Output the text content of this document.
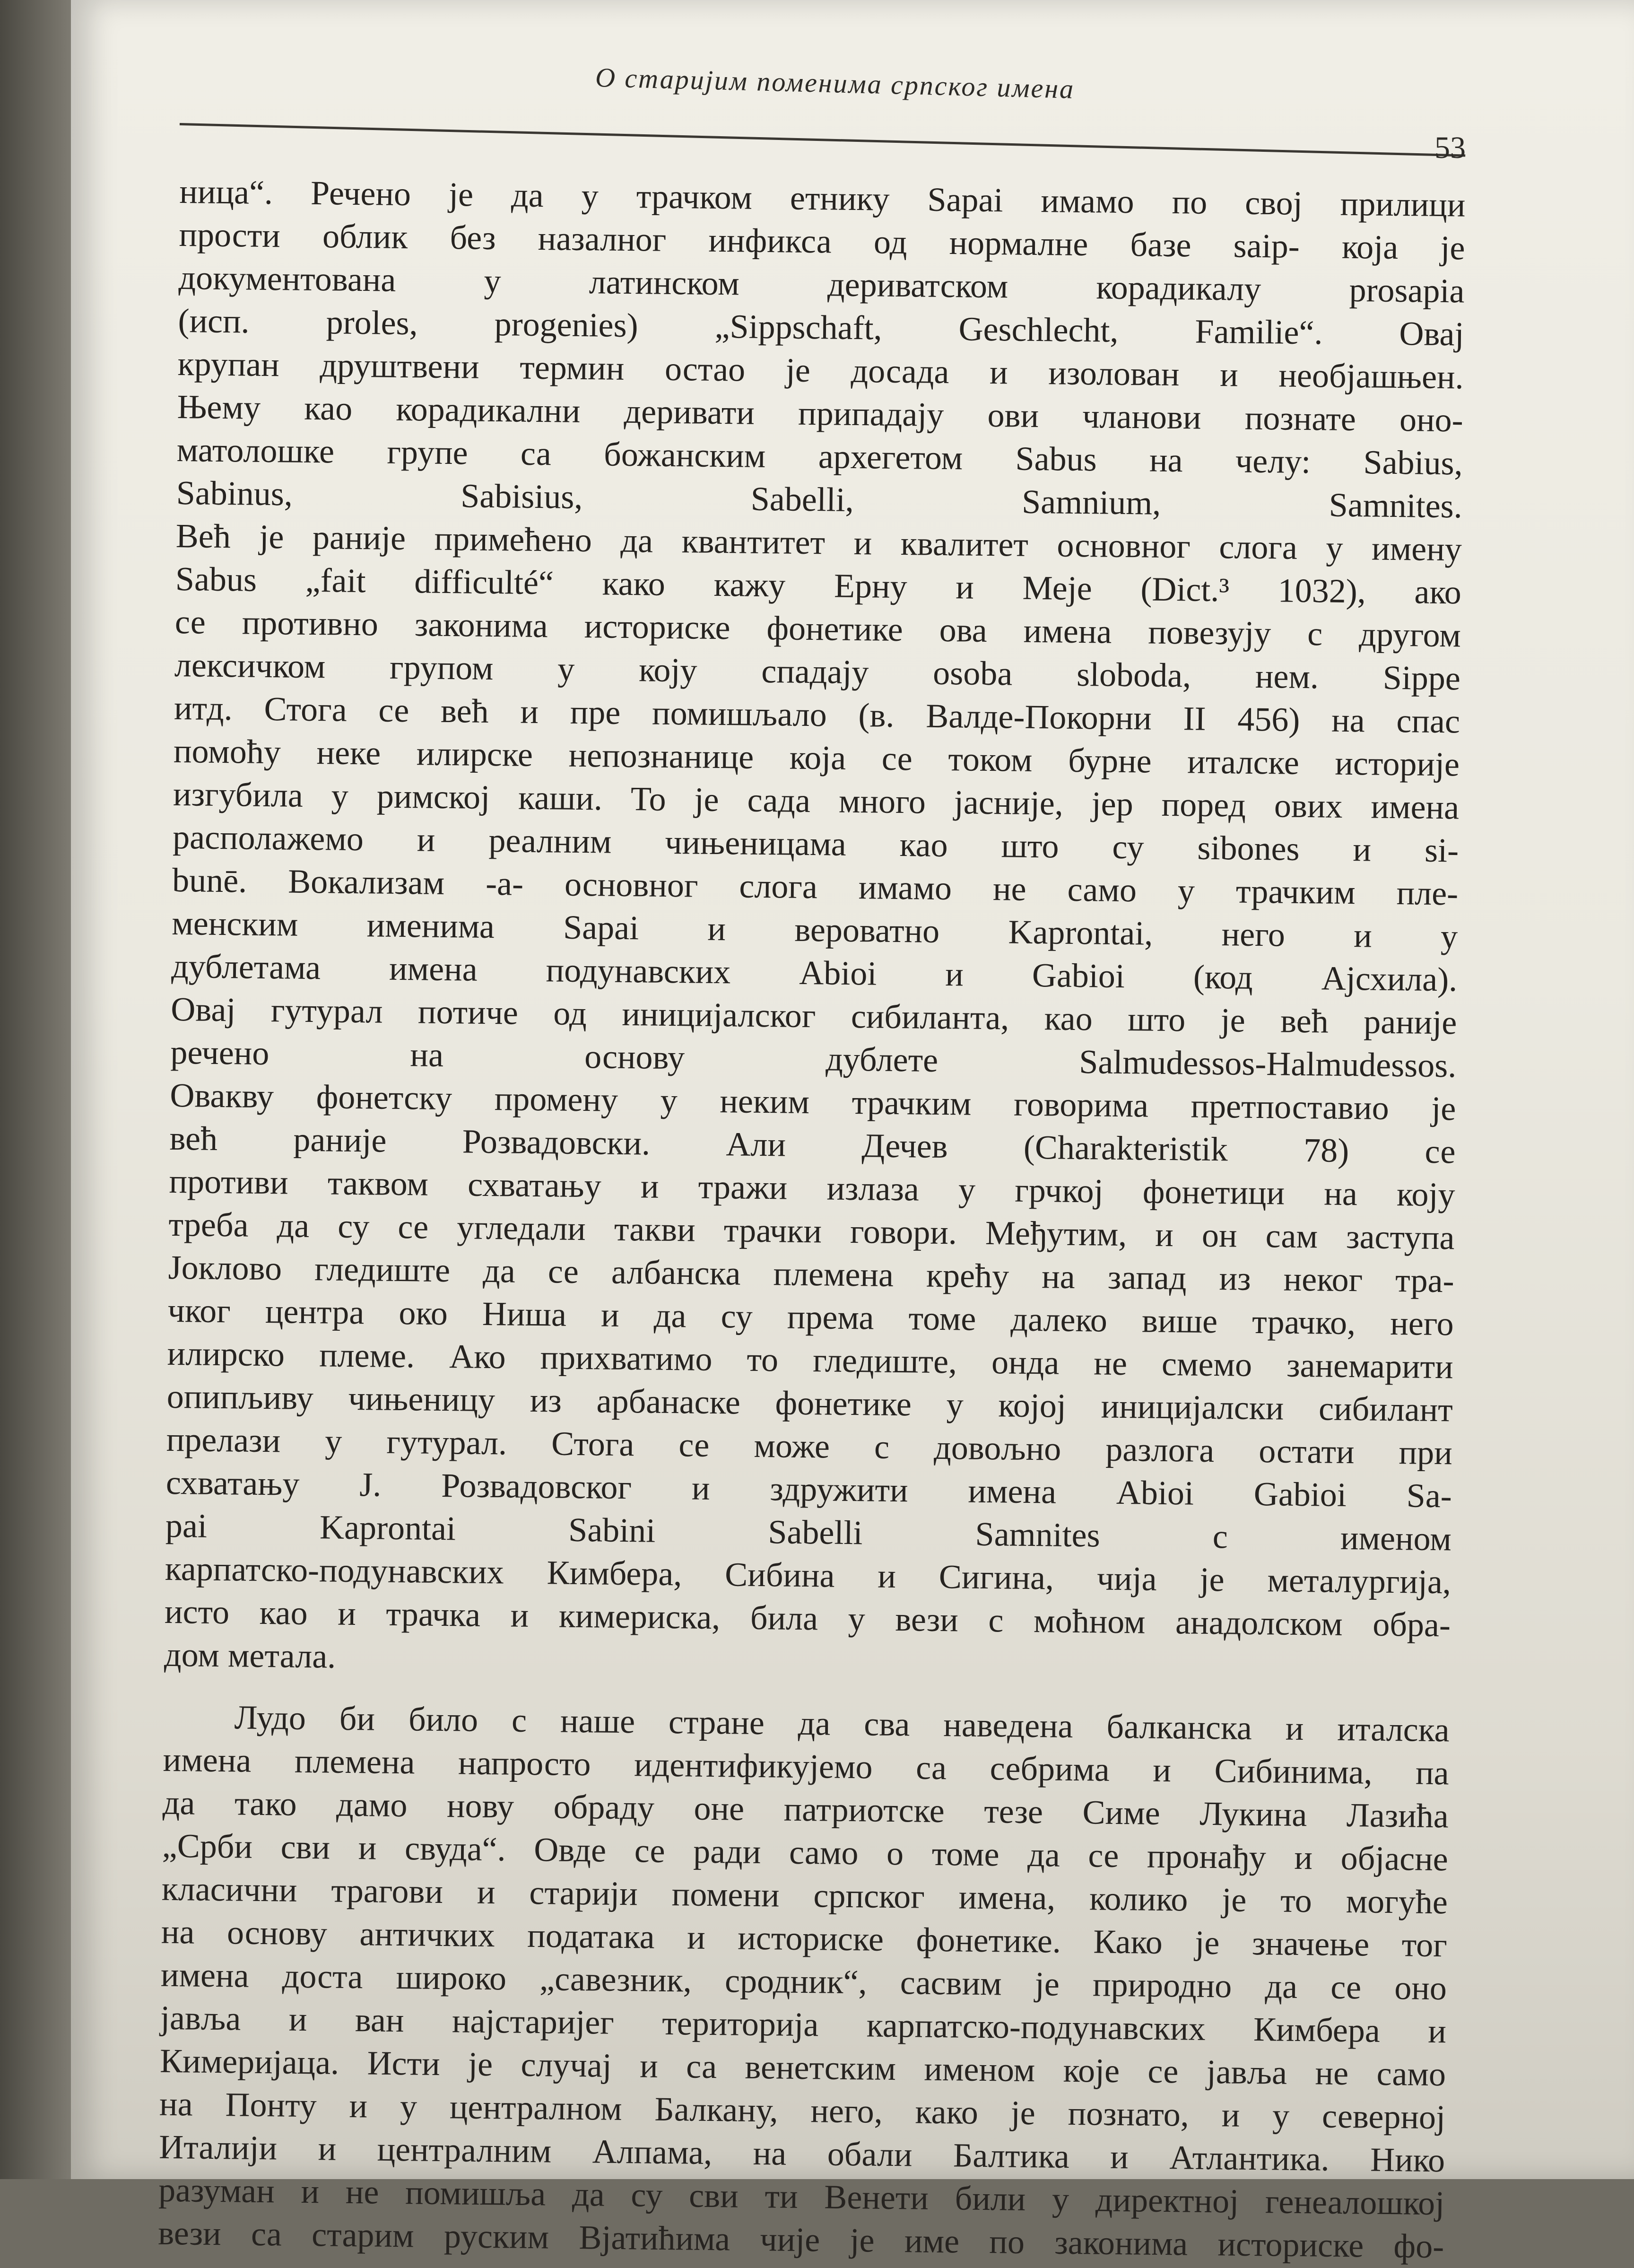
О старијим поменима српског имена
53
ница“. Речено је да у трачком етнику Sapai имамо по свој прилици
прости облик без назалног инфикса од нормалне базе saip- која је
документована у латинском дериватском корадикалу prosapia
(исп. proles, progenies) „Sippschaft, Geschlecht, Familie“. Овај
крупан друштвени термин остао је досада и изолован и необјашњен.
Њему као корадикални деривати припадају ови чланови познате оно-
матолошке групе са божанским архегетом Sabus на челу: Sabius,
Sabinus, Sabisius, Sabelli, Samnium, Samnites.
Већ је раније примећено да квантитет и квалитет основног слога у имену
Sabus „fait difficulté“ како кажу Ерну и Меје (Dict.³ 1032), ако
се противно законима историске фонетике ова имена повезују с другом
лексичком групом у коју спадају osoba sloboda, нем. Sippe
итд. Стога се већ и пре помишљало (в. Валде-Покорни II 456) на спас
помоћу неке илирске непознанице која се током бурне италске историје
изгубила у римској каши. То је сада много јасније, јер поред ових имена
располажемо и реалним чињеницама као што су sibones и si-
bunē. Вокализам -a- основног слога имамо не само у трачким пле-
менским именима Sapai и вероватно Kaprontai, него и у
дублетама имена подунавских Abioi и Gabioi (код Ајсхила).
Овај гутурал потиче од иницијалског сибиланта, као што је већ раније
речено на основу дублете Salmudessos-Halmudessos.
Овакву фонетску промену у неким трачким говорима претпоставио је
већ раније Розвадовски. Али Дечев (Charakteristik 78) се
противи таквом схватању и тражи излаза у грчкој фонетици на коју
треба да су се угледали такви трачки говори. Међутим, и он сам заступа
Јоклово гледиште да се албанска племена крећу на запад из неког тра-
чког центра око Ниша и да су према томе далеко више трачко, него
илирско племе. Ако прихватимо то гледиште, онда не смемо занемарити
опипљиву чињеницу из арбанаске фонетике у којој иницијалски сибилант
прелази у гутурал. Стога се може с довољно разлога остати при
схватању Ј. Розвадовског и здружити имена Abioi Gabioi Sa-
pai Kaprontai Sabini Sabelli Samnites с именом
карпатско-подунавских Кимбера, Сибина и Сигина, чија је металургија,
исто као и трачка и кимериска, била у вези с моћном анадолском обра-
дом метала.
Лудо би било с наше стране да сва наведена балканска и италска
имена племена напросто идентификујемо са себрима и Сибинима, па
да тако дамо нову обраду оне патриотске тезе Симе Лукина Лазића
„Срби сви и свуда“. Овде се ради само о томе да се пронађу и објасне
класични трагови и старији помени српског имена, колико је то могуће
на основу античких података и историске фонетике. Како је значење тог
имена доста широко „савезник, сродник“, сасвим је природно да се оно
јавља и ван најстаријег територија карпатско-подунавских Кимбера и
Кимеријаца. Исти је случај и са венетским именом које се јавља не само
на Понту и у централном Балкану, него, како је познато, и у северној
Италији и централним Алпама, на обали Балтика и Атлантика. Нико
разуман и не помишља да су сви ти Венети били у директној генеалошкој
вези са старим руским Вјатићима чије је име по законима историске фо-
